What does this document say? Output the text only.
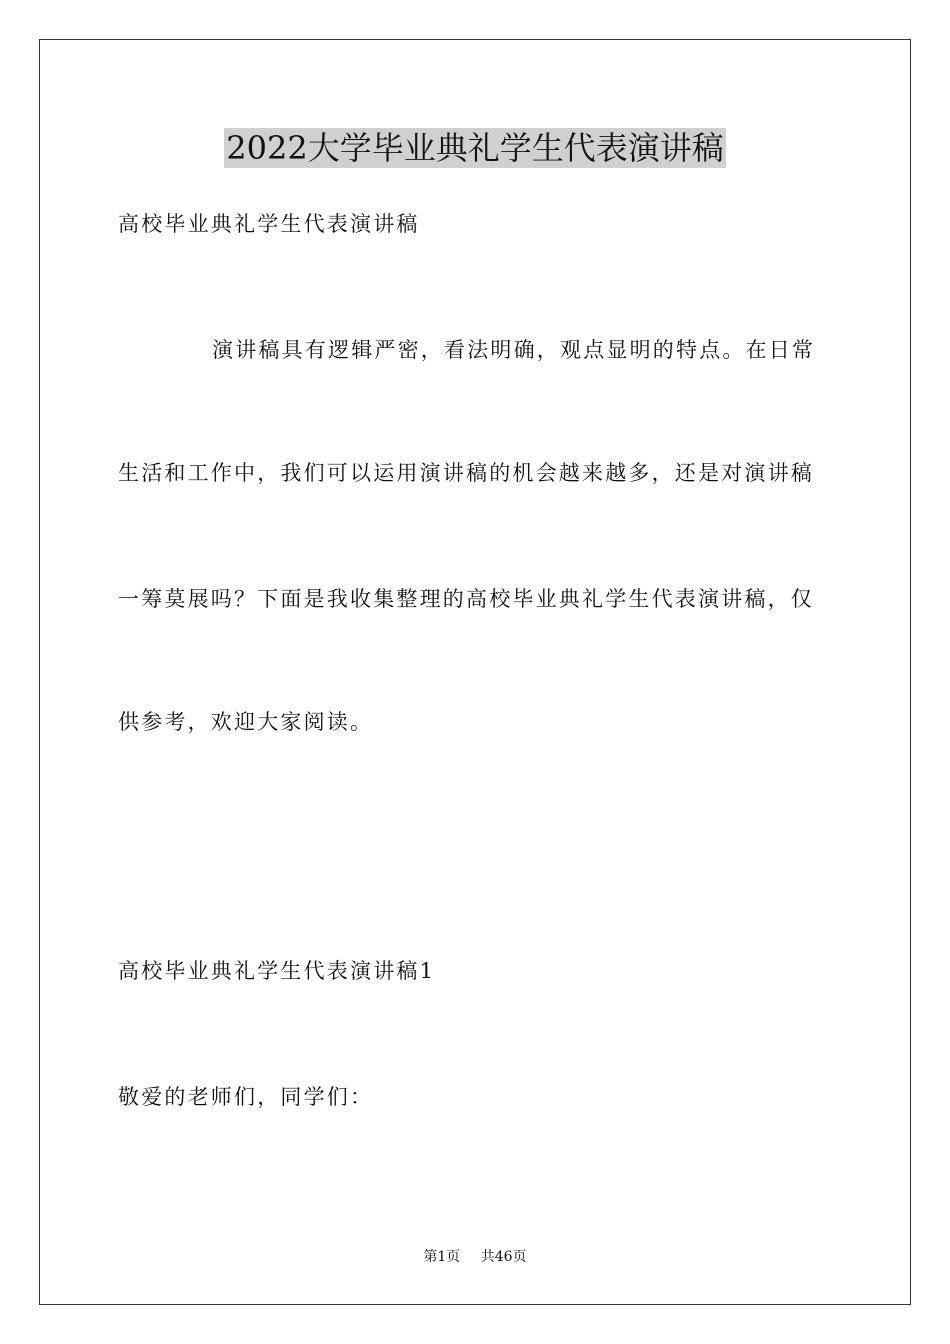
2022大学毕业典礼学生代表演讲稿
高校毕业典礼学生代表演讲稿
演讲稿具有逻辑严密，看法明确，观点显明的特点。在日常
生活和工作中，我们可以运用演讲稿的机会越来越多，还是对演讲稿
一筹莫展吗？下面是我收集整理的高校毕业典礼学生代表演讲稿，仅
供参考，欢迎大家阅读。
高校毕业典礼学生代表演讲稿1
敬爱的老师们，同学们：
第1页 共46页
